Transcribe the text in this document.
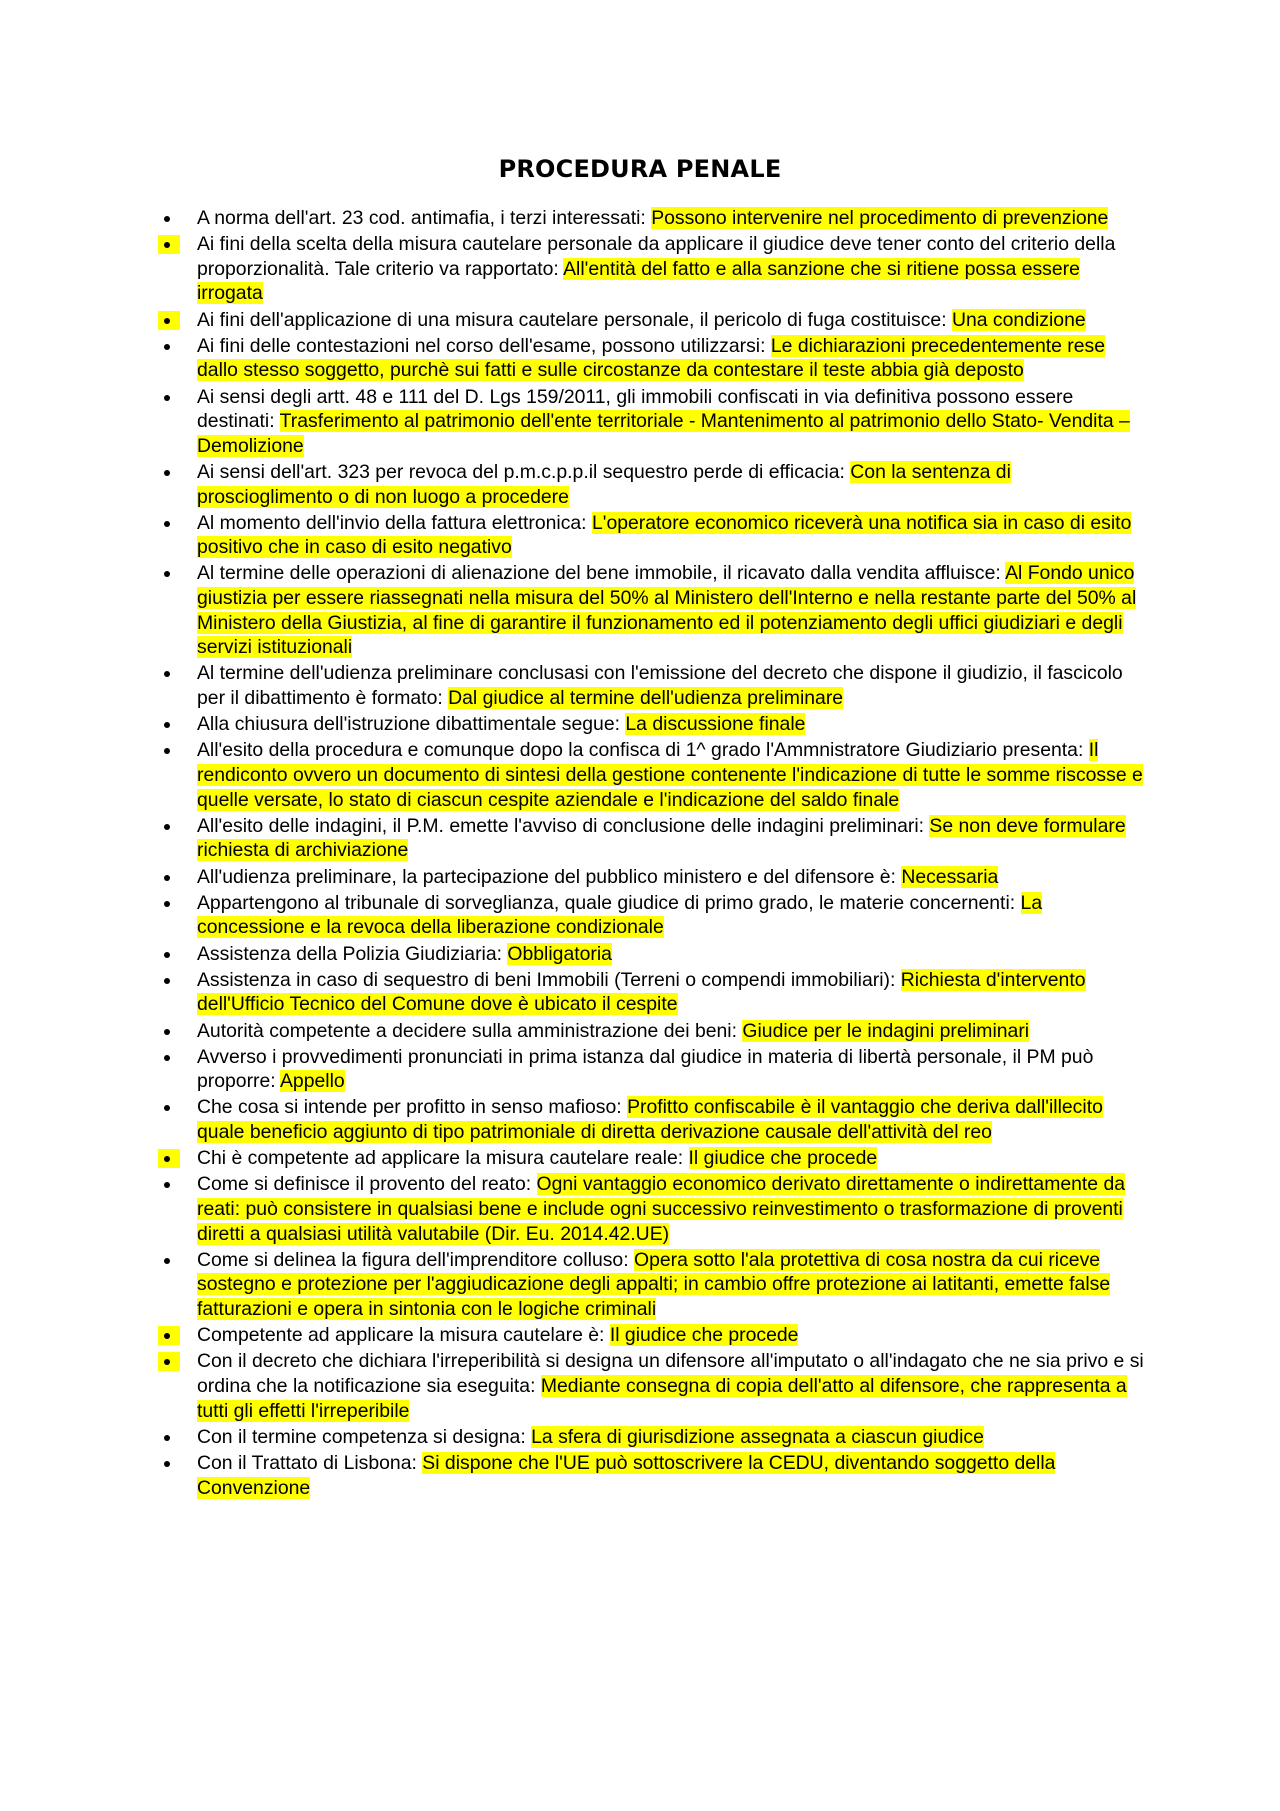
PROCEDURA PENALE
A norma dell'art. 23 cod. antimafia, i terzi interessati: Possono intervenire nel procedimento di prevenzione
Ai fini della scelta della misura cautelare personale da applicare il giudice deve tener conto del criterio della proporzionalità. Tale criterio va rapportato: All'entità del fatto e alla sanzione che si ritiene possa essere irrogata
Ai fini dell'applicazione di una misura cautelare personale, il pericolo di fuga costituisce: Una condizione
Ai fini delle contestazioni nel corso dell'esame, possono utilizzarsi: Le dichiarazioni precedentemente rese dallo stesso soggetto, purchè sui fatti e sulle circostanze da contestare il teste abbia già deposto
Ai sensi degli artt. 48 e 111 del D. Lgs 159/2011, gli immobili confiscati in via definitiva possono essere destinati: Trasferimento al patrimonio dell'ente territoriale - Mantenimento al patrimonio dello Stato- Vendita – Demolizione
Ai sensi dell'art. 323 per revoca del p.m.c.p.p.il sequestro perde di efficacia: Con la sentenza di proscioglimento o di non luogo a procedere
Al momento dell'invio della fattura elettronica: L'operatore economico riceverà una notifica sia in caso di esito positivo che in caso di esito negativo
Al termine delle operazioni di alienazione del bene immobile, il ricavato dalla vendita affluisce: Al Fondo unico giustizia per essere riassegnati nella misura del 50% al Ministero dell'Interno e nella restante parte del 50% al Ministero della Giustizia, al fine di garantire il funzionamento ed il potenziamento degli uffici giudiziari e degli servizi istituzionali
Al termine dell'udienza preliminare conclusasi con l'emissione del decreto che dispone il giudizio, il fascicolo per il dibattimento è formato: Dal giudice al termine dell'udienza preliminare
Alla chiusura dell'istruzione dibattimentale segue: La discussione finale
All'esito della procedura e comunque dopo la confisca di 1^ grado l'Ammnistratore Giudiziario presenta: Il rendiconto ovvero un documento di sintesi della gestione contenente l'indicazione di tutte le somme riscosse e quelle versate, lo stato di ciascun cespite aziendale e l'indicazione del saldo finale
All'esito delle indagini, il P.M. emette l'avviso di conclusione delle indagini preliminari: Se non deve formulare richiesta di archiviazione
All'udienza preliminare, la partecipazione del pubblico ministero e del difensore è: Necessaria
Appartengono al tribunale di sorveglianza, quale giudice di primo grado, le materie concernenti: La concessione e la revoca della liberazione condizionale
Assistenza della Polizia Giudiziaria: Obbligatoria
Assistenza in caso di sequestro di beni Immobili (Terreni o compendi immobiliari): Richiesta d'intervento dell'Ufficio Tecnico del Comune dove è ubicato il cespite
Autorità competente a decidere sulla amministrazione dei beni: Giudice per le indagini preliminari
Avverso i provvedimenti pronunciati in prima istanza dal giudice in materia di libertà personale, il PM può proporre: Appello
Che cosa si intende per profitto in senso mafioso: Profitto confiscabile è il vantaggio che deriva dall'illecito quale beneficio aggiunto di tipo patrimoniale di diretta derivazione causale dell'attività del reo
Chi è competente ad applicare la misura cautelare reale: Il giudice che procede
Come si definisce il provento del reato: Ogni vantaggio economico derivato direttamente o indirettamente da reati: può consistere in qualsiasi bene e include ogni successivo reinvestimento o trasformazione di proventi diretti a qualsiasi utilità valutabile (Dir. Eu. 2014.42.UE)
Come si delinea la figura dell'imprenditore colluso: Opera sotto l'ala protettiva di cosa nostra da cui riceve sostegno e protezione per l'aggiudicazione degli appalti; in cambio offre protezione ai latitanti, emette false fatturazioni e opera in sintonia con le logiche criminali
Competente ad applicare la misura cautelare è: Il giudice che procede
Con il decreto che dichiara l'irreperibilità si designa un difensore all'imputato o all'indagato che ne sia privo e si ordina che la notificazione sia eseguita: Mediante consegna di copia dell'atto al difensore, che rappresenta a tutti gli effetti l'irreperibile
Con il termine competenza si designa: La sfera di giurisdizione assegnata a ciascun giudice
Con il Trattato di Lisbona: Si dispone che l'UE può sottoscrivere la CEDU, diventando soggetto della Convenzione
